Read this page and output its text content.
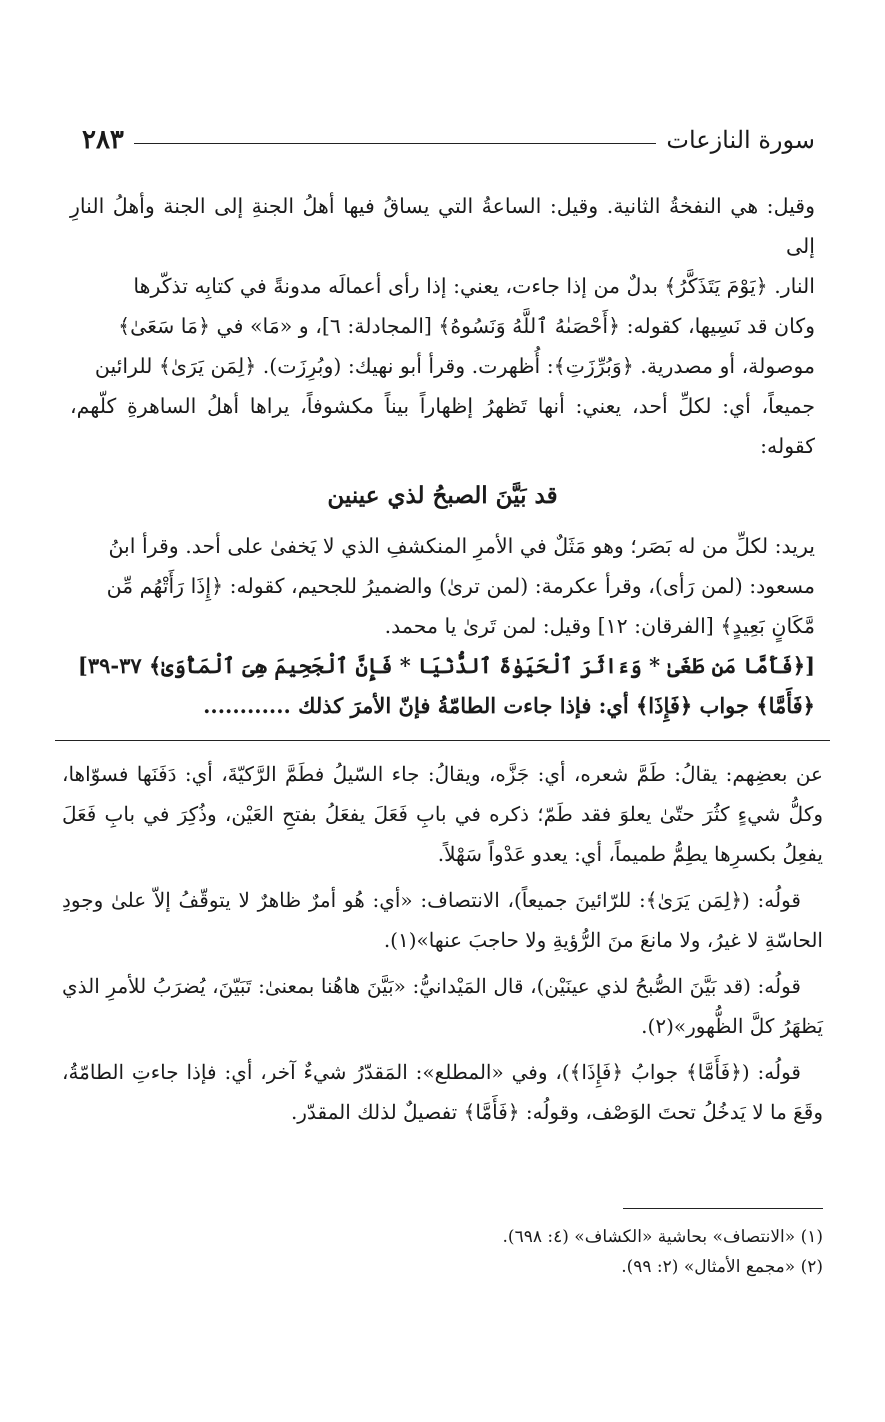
سورة النازعات
٢٨٣

وقيل: هي النفخةُ الثانية. وقيل: الساعةُ التي يساقُ فيها أهلُ الجنةِ إلى الجنة وأهلُ النارِ إلى

النار. ﴿يَوْمَ يَتَذَكَّرُ﴾ بدلٌ من إذا جاءت، يعني: إذا رأى أعمالَه مدونةً في كتابِه تذكّرها

وكان قد نَسِيها، كقوله: ﴿أَحْصَىٰهُ ٱللَّهُ وَنَسُوهُ﴾ [المجادلة: ٦]، و «مَا» في ﴿مَا سَعَىٰ﴾

موصولة، أو مصدرية. ﴿وَبُرِّزَتِ﴾: أُظهرت. وقرأ أبو نهيك: (وبُرِزَت). ﴿لِمَن يَرَىٰ﴾ للرائين

جميعاً، أي: لكلِّ أحد، يعني: أنها تَظهرُ إظهاراً بيناً مكشوفاً، يراها أهلُ الساهرةِ كلّهم، كقوله:

قد بَيَّنَ الصبحُ لذي عينين

يريد: لكلِّ من له بَصَر؛ وهو مَثَلٌ في الأمرِ المنكشفِ الذي لا يَخفىٰ على أحد. وقرأ ابنُ

مسعود: (لمن رَأى)، وقرأ عكرمة: (لمن ترىٰ) والضميرُ للجحيم، كقوله: ﴿إِذَا رَأَتْهُم مِّن

مَّكَانٍ بَعِيدٍ﴾ [الفرقان: ١٢] وقيل: لمن تَرىٰ يا محمد.

[﴿فَأَمَّا مَن طَغَىٰ * وَءَاثَرَ ٱلْحَيَوٰةَ ٱلدُّنْيَا * فَإِنَّ ٱلْجَحِيمَ هِىَ ٱلْمَأْوَىٰ﴾ ٣٧-٣٩]

﴿فَأَمَّا﴾ جواب ﴿فَإِذَا﴾ أي: فإذا جاءت الطامّةُ فإنّ الأمرَ كذلك ............

عن بعضِهم: يقالُ: طَمَّ شعره، أي: جَزَّه، ويقالُ: جاء السّيلُ فطَمَّ الرَّكيّةَ، أي: دَفَنَها فسوّاها، وكلُّ شيءٍ كثُرَ حتّىٰ يعلوَ فقد طَمّ؛ ذكره في بابِ فَعَلَ يفعَلُ بفتحِ العَيْن، وذُكِرَ في بابِ فَعَلَ يفعِلُ بكسرِها يطِمُّ طميماً، أي: يعدو عَدْواً سَهْلاً.

قولُه: (﴿لِمَن يَرَىٰ﴾: للرّائينَ جميعاً)، الانتصاف: «أي: هُو أمرٌ ظاهرٌ لا يتوقّفُ إلاّ علىٰ وجودِ الحاسّةِ لا غيرُ، ولا مانعَ منَ الرُّؤيةِ ولا حاجبَ عنها»(١).

قولُه: (قد بَيَّنَ الصُّبحُ لذي عينَيْن)، قال المَيْدانيُّ: «بَيَّنَ هاهُنا بمعنىٰ: تَبَيّنَ، يُضرَبُ للأمرِ الذي يَظهَرُ كلَّ الظُّهور»(٢).

قولُه: (﴿فَأَمَّا﴾ جوابُ ﴿فَإِذَا﴾)، وفي «المطلع»: المَقدّرُ شيءٌ آخر، أي: فإذا جاءتِ الطامّةُ، وقَعَ ما لا يَدخُلُ تحتَ الوَصْف، وقولُه: ﴿فَأَمَّا﴾ تفصيلٌ لذلك المقدّر.

(١) «الانتصاف» بحاشية «الكشاف» (٤: ٦٩٨).

(٢) «مجمع الأمثال» (٢: ٩٩).
